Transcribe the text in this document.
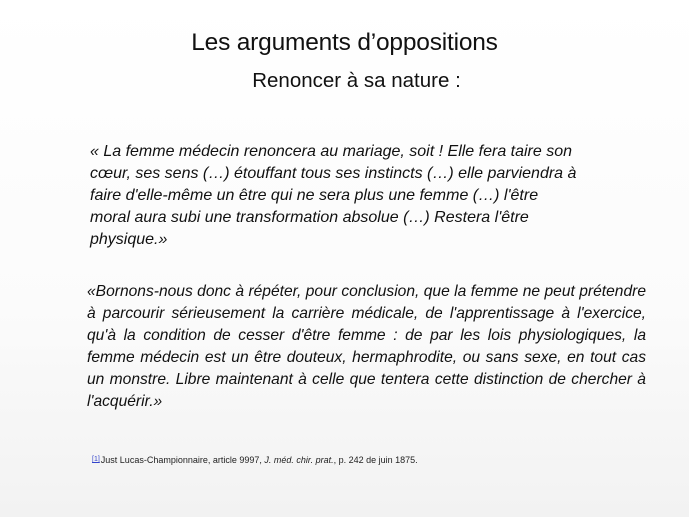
Les arguments d’oppositions
Renoncer à sa nature :
« La femme médecin renoncera au mariage, soit ! Elle fera taire son
cœur, ses sens (…) étouffant tous ses instincts (…) elle parviendra à
faire d'elle-même un être qui ne sera plus une femme (…) l'être
moral aura subi une transformation absolue (…) Restera l'être
physique.»
«Bornons-nous donc à répéter, pour conclusion, que la femme ne peut prétendre à parcourir sérieusement la carrière médicale, de l'apprentissage à l'exercice, qu'à la condition de cesser d'être femme : de par les lois physiologiques, la femme médecin est un être douteux, hermaphrodite, ou sans sexe, en tout cas un monstre. Libre maintenant à celle que tentera cette distinction de chercher à l'acquérir.»
[1]Just Lucas-Championnaire, article 9997, J. méd. chir. prat., p. 242 de juin 1875.
